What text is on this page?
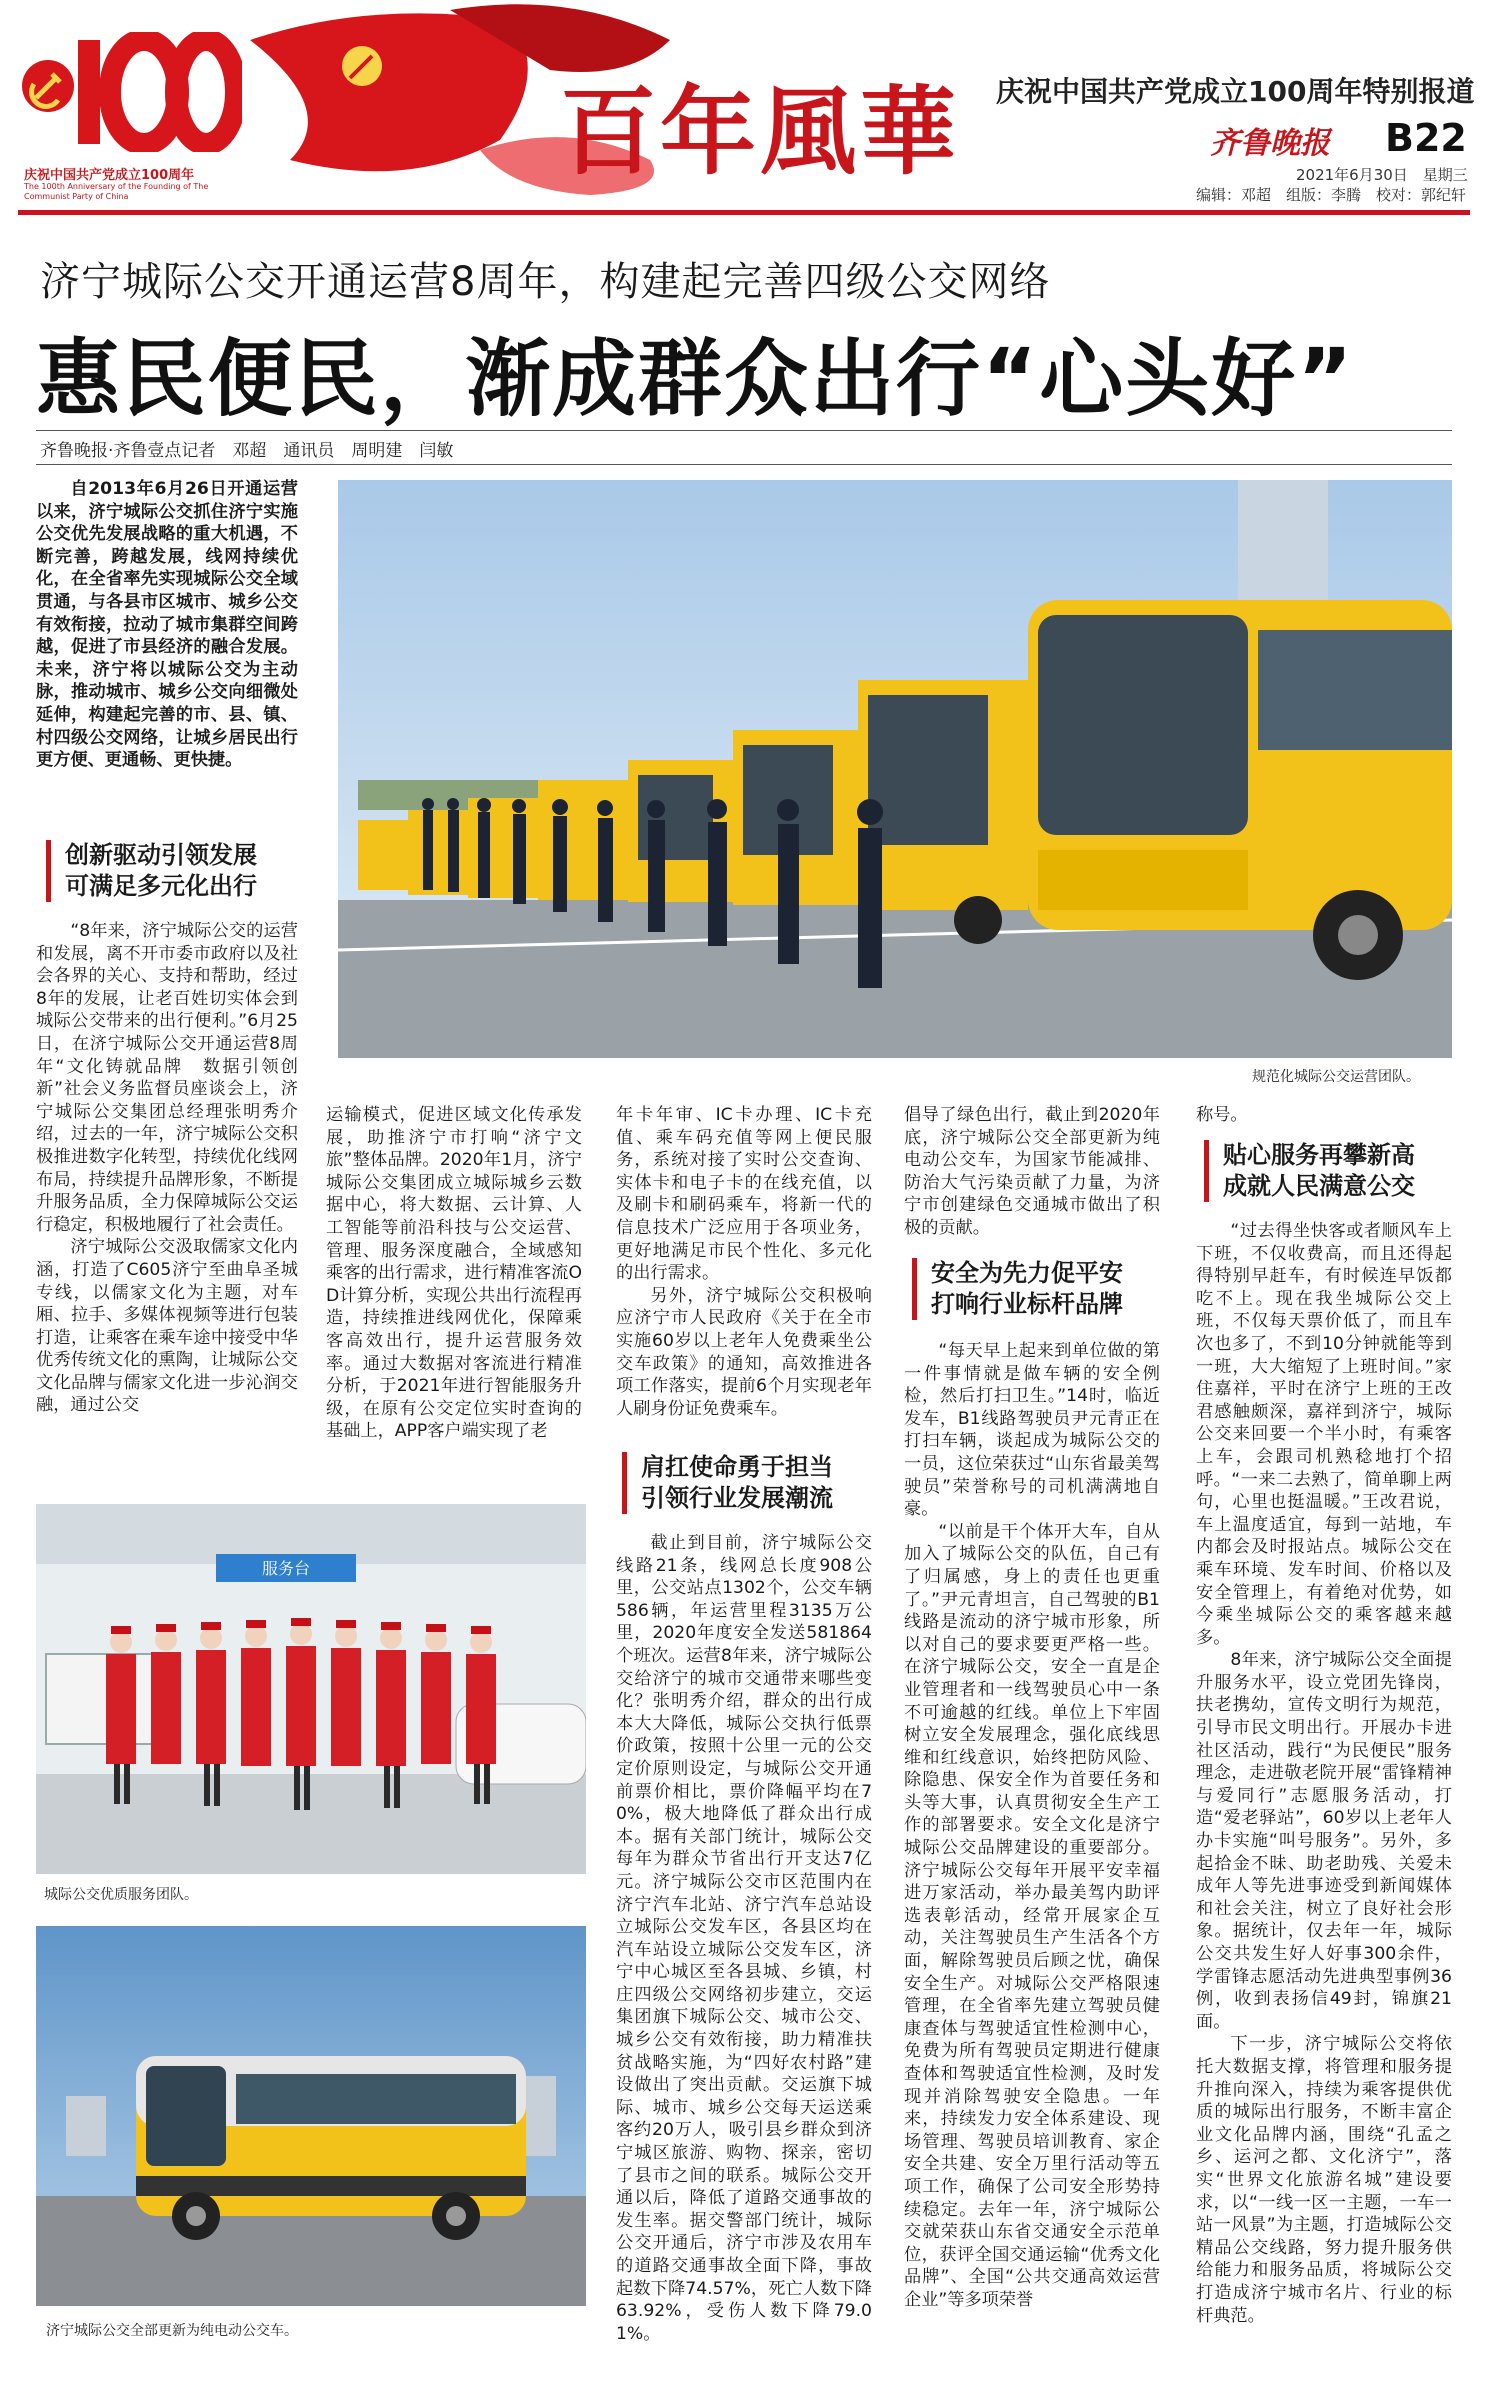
1921	2021
庆祝中国共产党成立100周年
The 100th Anniversary of the Founding of The Communist Party of China
百年風華 庆祝中国共产党成立100周年特别报道
齐鲁晚报 B22
2021年6月30日　星期三
编辑：邓超　组版：李腾　校对：郭纪轩
济宁城际公交开通运营8周年，构建起完善四级公交网络
惠民便民，渐成群众出行“心头好”
齐鲁晚报·齐鲁壹点记者　邓超　通讯员　周明建　闫敏

自2013年6月26日开通运营以来，济宁城际公交抓住济宁实施公交优先发展战略的重大机遇，不断完善，跨越发展，线网持续优化，在全省率先实现城际公交全域贯通，与各县市区城市、城乡公交有效衔接，拉动了城市集群空间跨越，促进了市县经济的融合发展。未来，济宁将以城际公交为主动脉，推动城市、城乡公交向细微处延伸，构建起完善的市、县、镇、村四级公交网络，让城乡居民出行更方便、更通畅、更快捷。

规范化城际公交运营团队。
创新驱动引领发展
可满足多元化出行

“8年来，济宁城际公交的运营和发展，离不开市委市政府以及社会各界的关心、支持和帮助，经过8年的发展，让老百姓切实体会到城际公交带来的出行便利。”6月25日，在济宁城际公交开通运营8周年“文化铸就品牌　数据引领创新”社会义务监督员座谈会上，济宁城际公交集团总经理张明秀介绍，过去的一年，济宁城际公交积极推进数字化转型，持续优化线网布局，持续提升品牌形象，不断提升服务品质，全力保障城际公交运行稳定，积极地履行了社会责任。

济宁城际公交汲取儒家文化内涵，打造了C605济宁至曲阜圣城专线，以儒家文化为主题，对车厢、拉手、多媒体视频等进行包装打造，让乘客在乘车途中接受中华优秀传统文化的熏陶，让城际公交文化品牌与儒家文化进一步沁润交融，通过公交

运输模式，促进区域文化传承发展，助推济宁市打响“济宁文旅”整体品牌。2020年1月，济宁城际公交集团成立城际城乡云数据中心，将大数据、云计算、人工智能等前沿科技与公交运营、管理、服务深度融合，全域感知乘客的出行需求，进行精准客流OD计算分析，实现公共出行流程再造，持续推进线网优化，保障乘客高效出行，提升运营服务效率。通过大数据对客流进行精准分析，于2021年进行智能服务升级，在原有公交定位实时查询的基础上，APP客户端实现了老

年卡年审、IC卡办理、IC卡充值、乘车码充值等网上便民服务，系统对接了实时公交查询、实体卡和电子卡的在线充值，以及刷卡和刷码乘车，将新一代的信息技术广泛应用于各项业务，更好地满足市民个性化、多元化的出行需求。

另外，济宁城际公交积极响应济宁市人民政府《关于在全市实施60岁以上老年人免费乘坐公交车政策》的通知，高效推进各项工作落实，提前6个月实现老年人刷身份证免费乘车。

肩扛使命勇于担当
引领行业发展潮流

截止到目前，济宁城际公交线路21条，线网总长度908公里，公交站点1302个，公交车辆586辆，年运营里程3135万公里，2020年度安全发送581864个班次。运营8年来，济宁城际公交给济宁的城市交通带来哪些变化？张明秀介绍，群众的出行成本大大降低，城际公交执行低票价政策，按照十公里一元的公交定价原则设定，与城际公交开通前票价相比，票价降幅平均在70%，极大地降低了群众出行成本。据有关部门统计，城际公交每年为群众节省出行开支达7亿元。济宁城际公交市区范围内在济宁汽车北站、济宁汽车总站设立城际公交发车区，各县区均在汽车站设立城际公交发车区，济宁中心城区至各县城、乡镇，村庄四级公交网络初步建立，交运集团旗下城际公交、城市公交、城乡公交有效衔接，助力精准扶贫战略实施，为“四好农村路”建设做出了突出贡献。交运旗下城际、城市、城乡公交每天运送乘客约20万人，吸引县乡群众到济宁城区旅游、购物、探亲，密切了县市之间的联系。城际公交开通以后，降低了道路交通事故的发生率。据交警部门统计，城际公交开通后，济宁市涉及农用车的道路交通事故全面下降，事故起数下降74.57%，死亡人数下降63.92%，受伤人数下降79.01%。

服务台
城际公交优质服务团队。
济宁城际公交全部更新为纯电动公交车。

倡导了绿色出行，截止到2020年底，济宁城际公交全部更新为纯电动公交车，为国家节能减排、防治大气污染贡献了力量，为济宁市创建绿色交通城市做出了积极的贡献。

安全为先力促平安
打响行业标杆品牌

“每天早上起来到单位做的第一件事情就是做车辆的安全例检，然后打扫卫生。”14时，临近发车，B1线路驾驶员尹元青正在打扫车辆，谈起成为城际公交的一员，这位荣获过“山东省最美驾驶员”荣誉称号的司机满满地自豪。

“以前是干个体开大车，自从加入了城际公交的队伍，自己有了归属感，身上的责任也更重了。”尹元青坦言，自己驾驶的B1线路是流动的济宁城市形象，所以对自己的要求要更严格一些。在济宁城际公交，安全一直是企业管理者和一线驾驶员心中一条不可逾越的红线。单位上下牢固树立安全发展理念，强化底线思维和红线意识，始终把防风险、除隐患、保安全作为首要任务和头等大事，认真贯彻安全生产工作的部署要求。安全文化是济宁城际公交品牌建设的重要部分。济宁城际公交每年开展平安幸福进万家活动，举办最美驾内助评选表彰活动，经常开展家企互动，关注驾驶员生产生活各个方面，解除驾驶员后顾之忧，确保安全生产。对城际公交严格限速管理，在全省率先建立驾驶员健康查体与驾驶适宜性检测中心，免费为所有驾驶员定期进行健康查体和驾驶适宜性检测，及时发现并消除驾驶安全隐患。一年来，持续发力安全体系建设、现场管理、驾驶员培训教育、家企安全共建、安全万里行活动等五项工作，确保了公司安全形势持续稳定。去年一年，济宁城际公交就荣获山东省交通安全示范单位，获评全国交通运输“优秀文化品牌”、全国“公共交通高效运营企业”等多项荣誉

称号。

贴心服务再攀新高
成就人民满意公交

“过去得坐快客或者顺风车上下班，不仅收费高，而且还得起得特别早赶车，有时候连早饭都吃不上。现在我坐城际公交上班，不仅每天票价低了，而且车次也多了，不到10分钟就能等到一班，大大缩短了上班时间。”家住嘉祥，平时在济宁上班的王改君感触颇深，嘉祥到济宁，城际公交来回要一个半小时，有乘客上车，会跟司机熟稔地打个招呼。“一来二去熟了，简单聊上两句，心里也挺温暖。”王改君说，车上温度适宜，每到一站地，车内都会及时报站点。城际公交在乘车环境、发车时间、价格以及安全管理上，有着绝对优势，如今乘坐城际公交的乘客越来越多。

8年来，济宁城际公交全面提升服务水平，设立党团先锋岗，扶老携幼，宣传文明行为规范，引导市民文明出行。开展办卡进社区活动，践行“为民便民”服务理念，走进敬老院开展“雷锋精神与爱同行”志愿服务活动，打造“爱老驿站”，60岁以上老年人办卡实施“叫号服务”。另外，多起拾金不昧、助老助残、关爱未成年人等先进事迹受到新闻媒体和社会关注，树立了良好社会形象。据统计，仅去年一年，城际公交共发生好人好事300余件，学雷锋志愿活动先进典型事例36例，收到表扬信49封，锦旗21面。

下一步，济宁城际公交将依托大数据支撑，将管理和服务提升推向深入，持续为乘客提供优质的城际出行服务，不断丰富企业文化品牌内涵，围绕“孔孟之乡、运河之都、文化济宁”，落实“世界文化旅游名城”建设要求，以“一线一区一主题，一车一站一风景”为主题，打造城际公交精品公交线路，努力提升服务供给能力和服务品质，将城际公交打造成济宁城市名片、行业的标杆典范。
